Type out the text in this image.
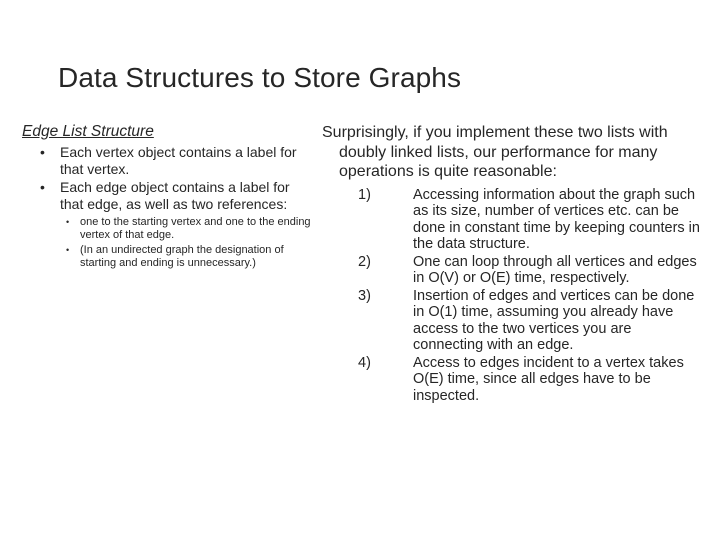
Data Structures to Store Graphs
Edge List Structure
• Each vertex object contains a label for that vertex.
• Each edge object contains a label for that edge, as well as two references:
• one to the starting vertex and one to the ending vertex of that edge.
• (In an undirected graph the designation of starting and ending is unnecessary.)

Surprisingly, if you implement these two lists with doubly linked lists, our performance for many operations is quite reasonable:

1)	Accessing information about the graph such as its size, number of vertices etc. can be done in constant time by keeping counters in the data structure.
2)	One can loop through all vertices and edges in O(V) or O(E) time, respectively.
3)	Insertion of edges and vertices can be done in O(1) time, assuming you already have access to the two vertices you are connecting with an edge.
4)	Access to edges incident to a vertex takes O(E) time, since all edges have to be inspected.
